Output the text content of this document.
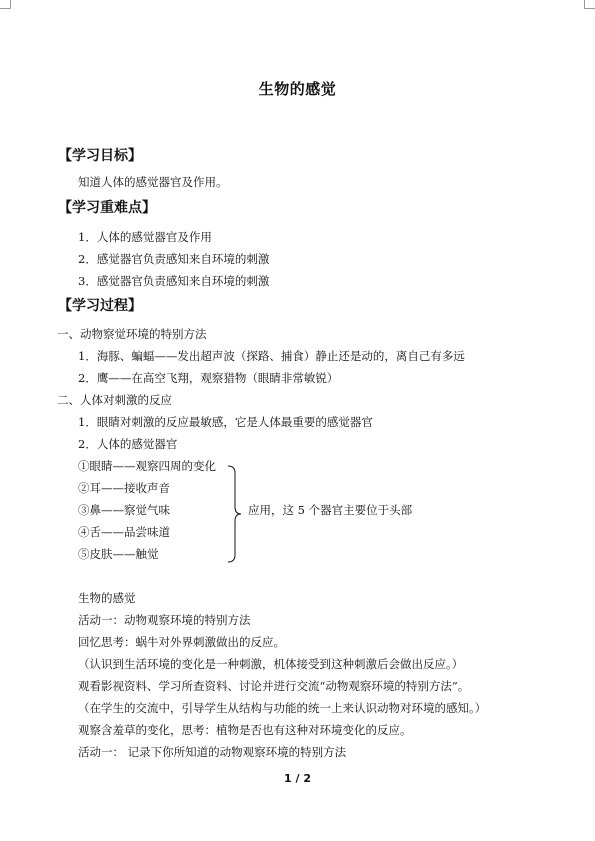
生物的感觉
【学习目标】
知道人体的感觉器官及作用。
【学习重难点】
1．人体的感觉器官及作用
2．感觉器官负责感知来自环境的刺激
3．感觉器官负责感知来自环境的刺激
【学习过程】
一、动物察觉环境的特别方法
1．海豚、蝙蝠——发出超声波（探路、捕食）静止还是动的，离自己有多远
2．鹰——在高空飞翔，观察猎物（眼睛非常敏锐）
二、人体对刺激的反应
1．眼睛对刺激的反应最敏感，它是人体最重要的感觉器官
2．人体的感觉器官
①眼睛——观察四周的变化
②耳——接收声音
③鼻——察觉气味
④舌——品尝味道
⑤皮肤——触觉
应用，这 5 个器官主要位于头部
生物的感觉
活动一：动物观察环境的特别方法
回忆思考：蜗牛对外界刺激做出的反应。
（认识到生活环境的变化是一种刺激，机体接受到这种刺激后会做出反应。）
观看影视资料、学习所查资料、讨论并进行交流“动物观察环境的特别方法”。
（在学生的交流中，引导学生从结构与功能的统一上来认识动物对环境的感知。）
观察含羞草的变化，思考：植物是否也有这种对环境变化的反应。
活动一： 记录下你所知道的动物观察环境的特别方法
1 / 2
